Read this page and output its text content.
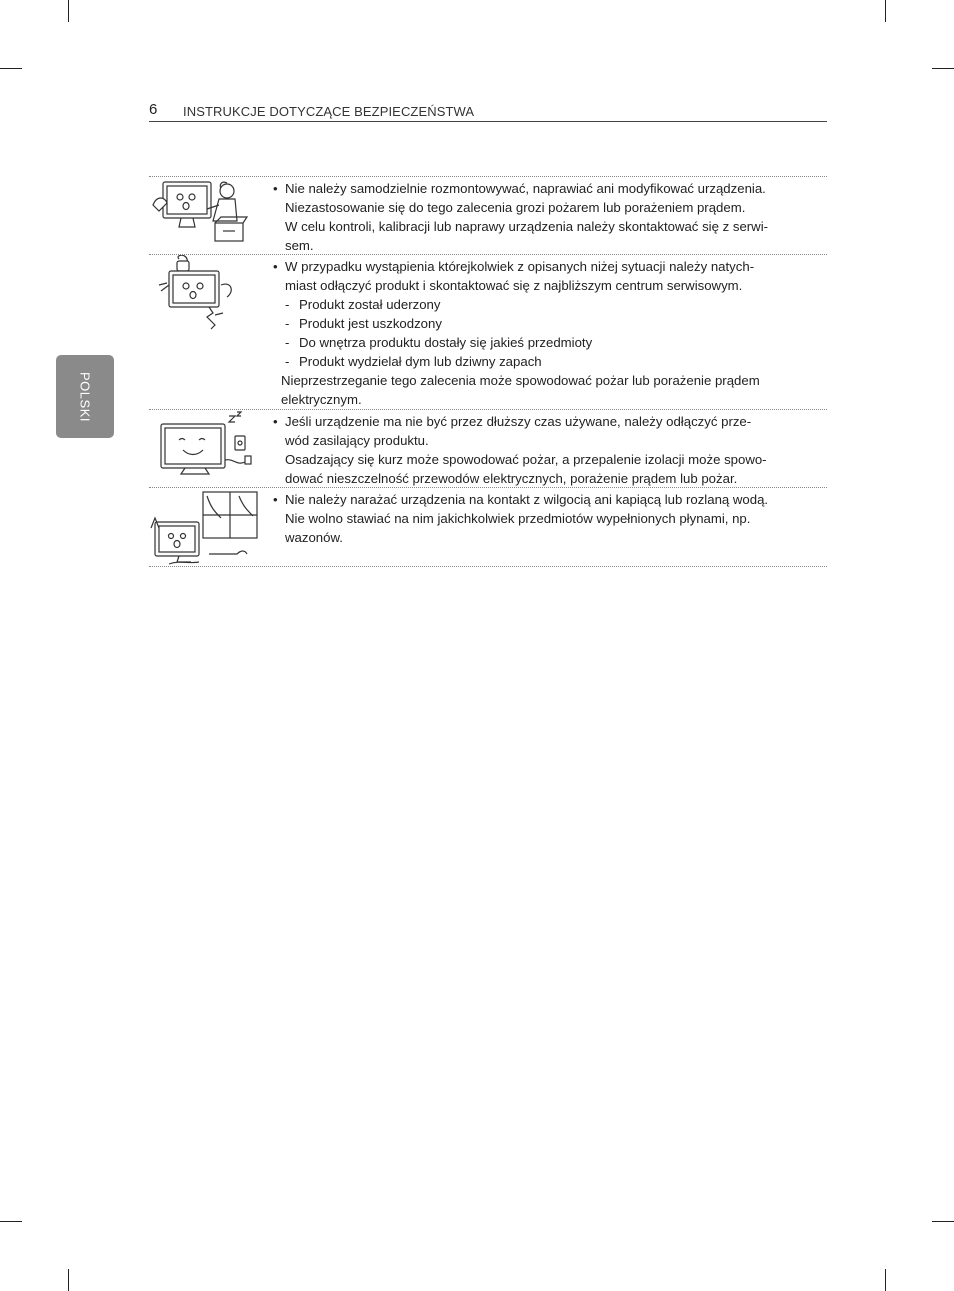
6 INSTRUKCJE DOTYCZĄCE BEZPIECZEŃSTWA
POLSKI
• Nie należy samodzielnie rozmontowywać, naprawiać ani modyfikować urządzenia.
Niezastosowanie się do tego zalecenia grozi pożarem lub porażeniem prądem.
W celu kontroli, kalibracji lub naprawy urządzenia należy skontaktować się z serwi-
sem.
• W przypadku wystąpienia którejkolwiek z opisanych niżej sytuacji należy natych-
miast odłączyć produkt i skontaktować się z najbliższym centrum serwisowym.
- Produkt został uderzony
- Produkt jest uszkodzony
- Do wnętrza produktu dostały się jakieś przedmioty
- Produkt wydzielał dym lub dziwny zapach
Nieprzestrzeganie tego zalecenia może spowodować pożar lub porażenie prądem
elektrycznym.
• Jeśli urządzenie ma nie być przez dłuższy czas używane, należy odłączyć prze-
wód zasilający produktu.
Osadzający się kurz może spowodować pożar, a przepalenie izolacji może spowo-
dować nieszczelność przewodów elektrycznych, porażenie prądem lub pożar.
• Nie należy narażać urządzenia na kontakt z wilgocią ani kapiącą lub rozlaną wodą.
Nie wolno stawiać na nim jakichkolwiek przedmiotów wypełnionych płynami, np.
wazonów.
